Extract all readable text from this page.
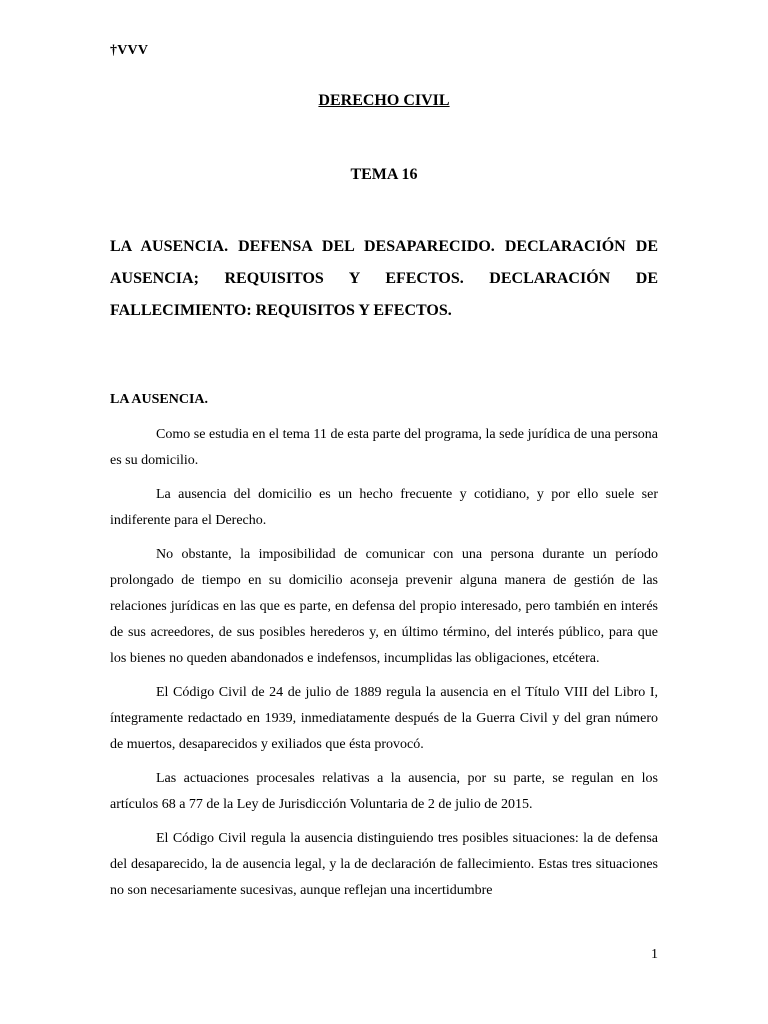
†VVV
DERECHO CIVIL
TEMA 16
LA AUSENCIA. DEFENSA DEL DESAPARECIDO. DECLARACIÓN DE AUSENCIA; REQUISITOS Y EFECTOS. DECLARACIÓN DE FALLECIMIENTO: REQUISITOS Y EFECTOS.
LA AUSENCIA.

Como se estudia en el tema 11 de esta parte del programa, la sede jurídica de una persona es su domicilio.

La ausencia del domicilio es un hecho frecuente y cotidiano, y por ello suele ser indiferente para el Derecho.

No obstante, la imposibilidad de comunicar con una persona durante un período prolongado de tiempo en su domicilio aconseja prevenir alguna manera de gestión de las relaciones jurídicas en las que es parte, en defensa del propio interesado, pero también en interés de sus acreedores, de sus posibles herederos y, en último término, del interés público, para que los bienes no queden abandonados e indefensos, incumplidas las obligaciones, etcétera.

El Código Civil de 24 de julio de 1889 regula la ausencia en el Título VIII del Libro I, íntegramente redactado en 1939, inmediatamente después de la Guerra Civil y del gran número de muertos, desaparecidos y exiliados que ésta provocó.

Las actuaciones procesales relativas a la ausencia, por su parte, se regulan en los artículos 68 a 77 de la Ley de Jurisdicción Voluntaria de 2 de julio de 2015.

El Código Civil regula la ausencia distinguiendo tres posibles situaciones: la de defensa del desaparecido, la de ausencia legal, y la de declaración de fallecimiento. Estas tres situaciones no son necesariamente sucesivas, aunque reflejan una incertidumbre

1
